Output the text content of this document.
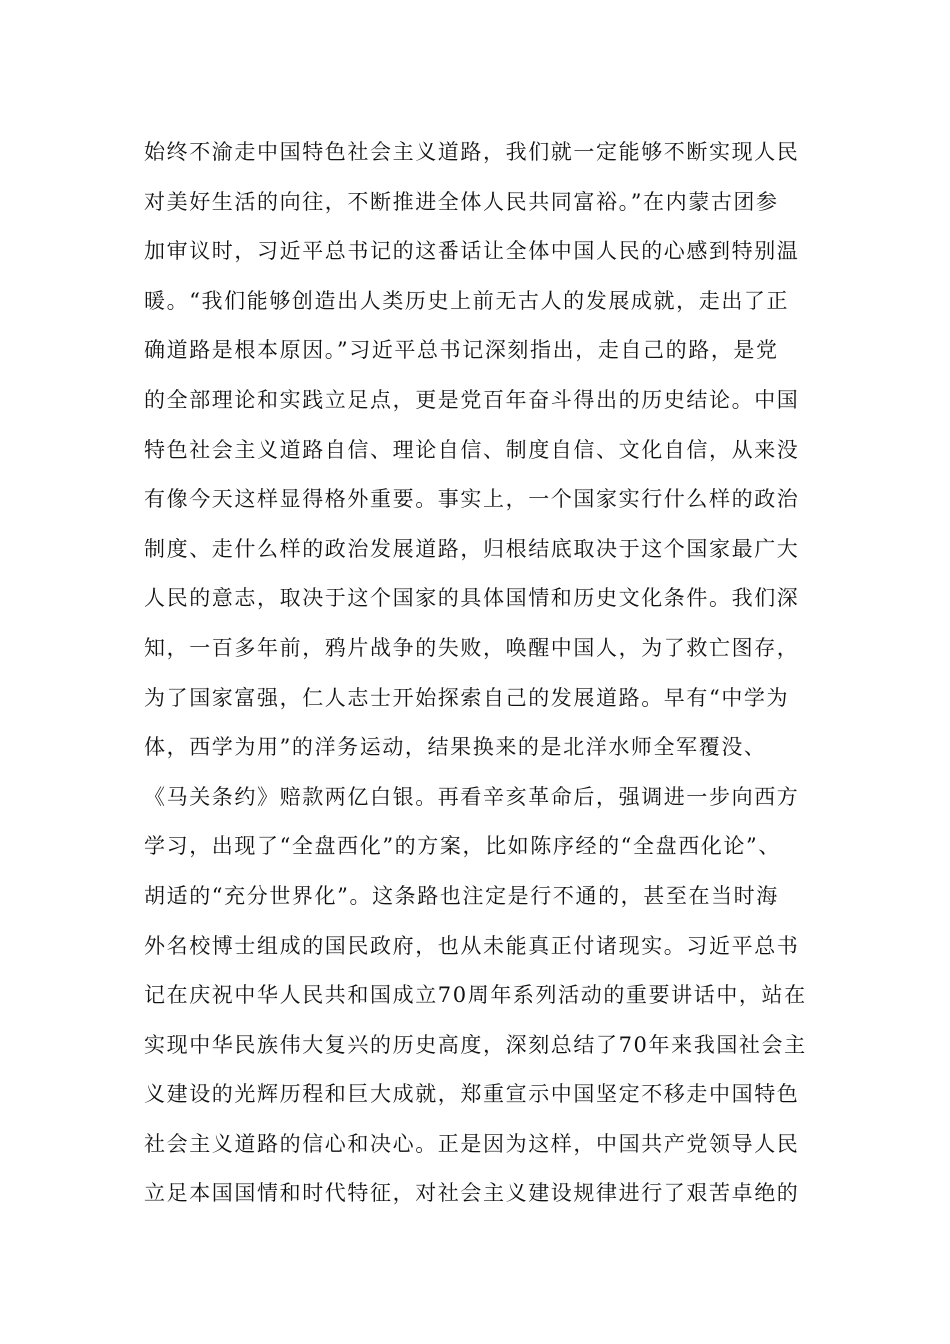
始终不渝走中国特色社会主义道路，我们就一定能够不断实现人民
对美好生活的向往，不断推进全体人民共同富裕。”在内蒙古团参
加审议时，习近平总书记的这番话让全体中国人民的心感到特别温
暖。“我们能够创造出人类历史上前无古人的发展成就，走出了正
确道路是根本原因。”习近平总书记深刻指出，走自己的路，是党
的全部理论和实践立足点，更是党百年奋斗得出的历史结论。中国
特色社会主义道路自信、理论自信、制度自信、文化自信，从来没
有像今天这样显得格外重要。事实上，一个国家实行什么样的政治
制度、走什么样的政治发展道路，归根结底取决于这个国家最广大
人民的意志，取决于这个国家的具体国情和历史文化条件。我们深
知，一百多年前，鸦片战争的失败，唤醒中国人，为了救亡图存，
为了国家富强，仁人志士开始探索自己的发展道路。早有“中学为
体，西学为用”的洋务运动，结果换来的是北洋水师全军覆没、
《马关条约》赔款两亿白银。再看辛亥革命后，强调进一步向西方
学习，出现了“全盘西化”的方案，比如陈序经的“全盘西化论”、
胡适的“充分世界化”。这条路也注定是行不通的，甚至在当时海
外名校博士组成的国民政府，也从未能真正付诸现实。习近平总书
记在庆祝中华人民共和国成立70周年系列活动的重要讲话中，站在
实现中华民族伟大复兴的历史高度，深刻总结了70年来我国社会主
义建设的光辉历程和巨大成就，郑重宣示中国坚定不移走中国特色
社会主义道路的信心和决心。正是因为这样，中国共产党领导人民
立足本国国情和时代特征，对社会主义建设规律进行了艰苦卓绝的
